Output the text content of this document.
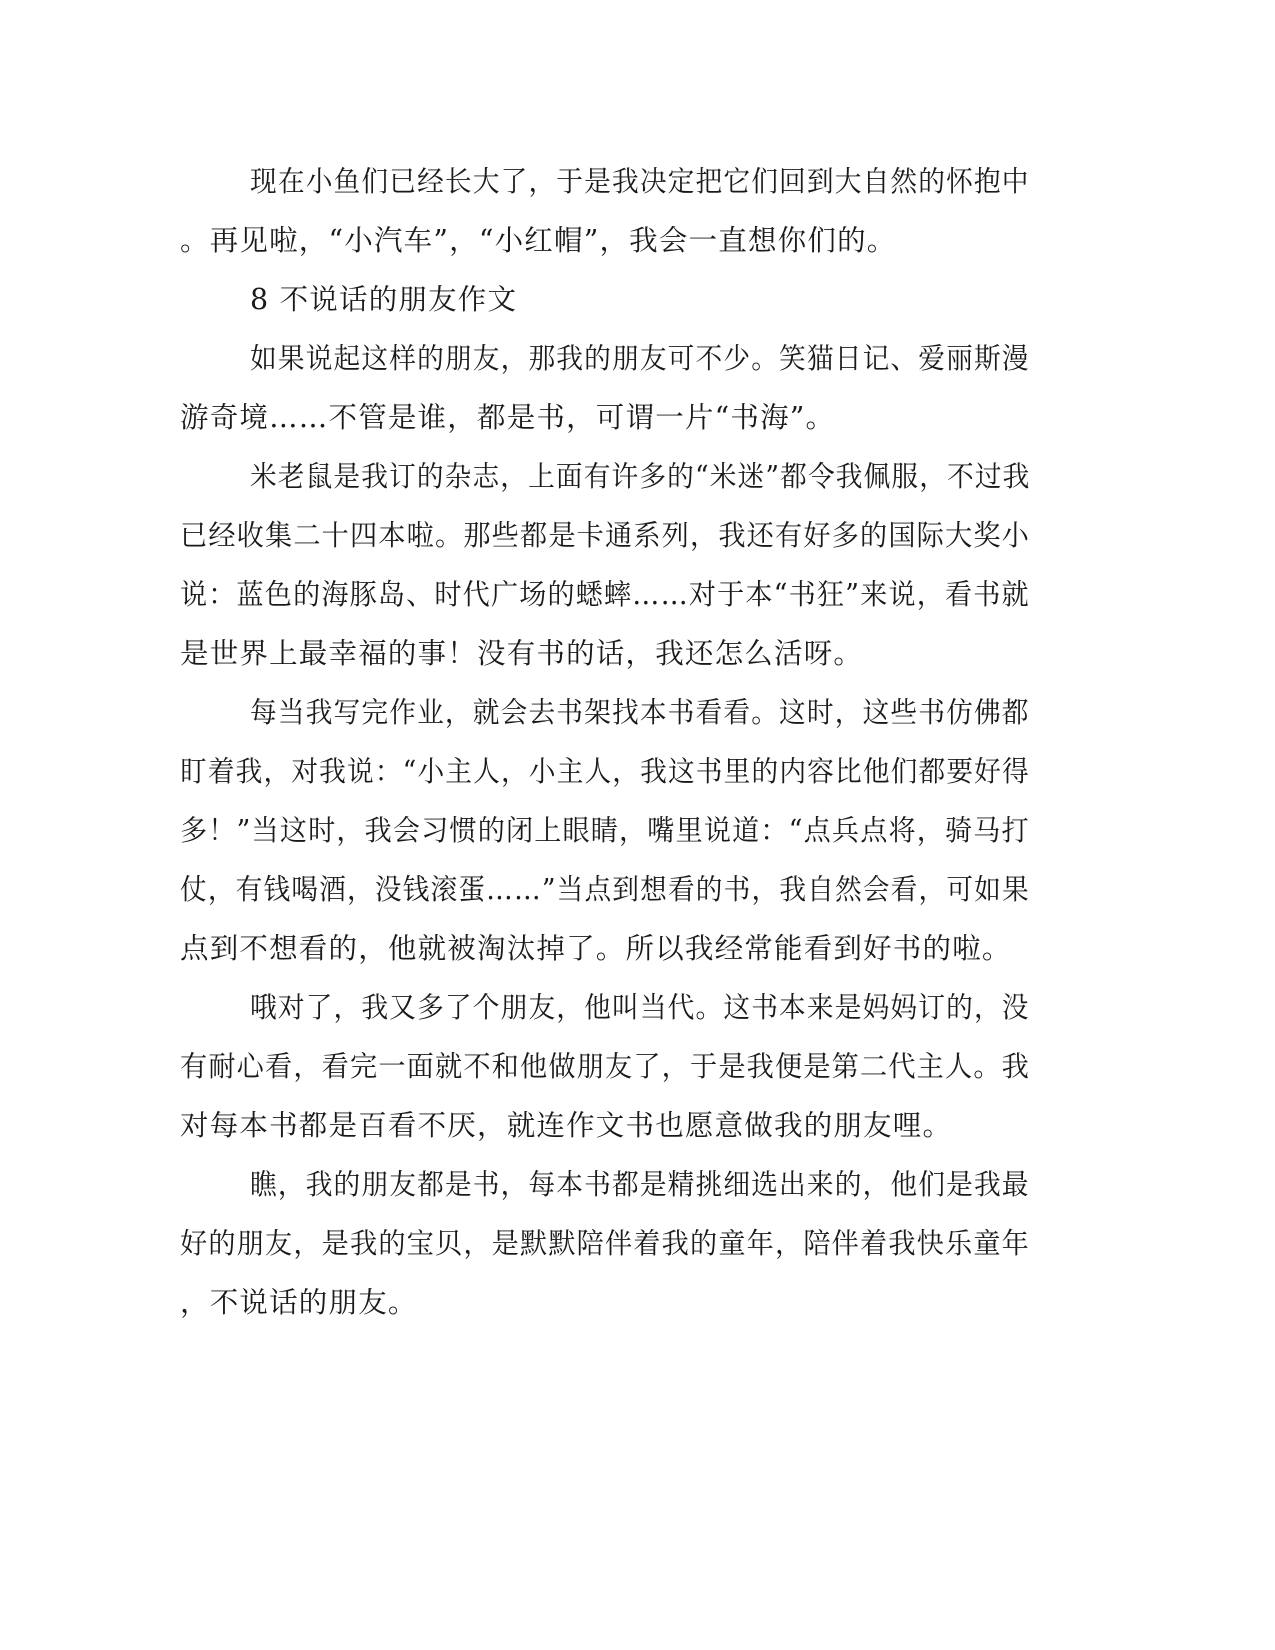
现在小鱼们已经长大了，于是我决定把它们回到大自然的怀抱中

。再见啦，“小汽车”，“小红帽”，我会一直想你们的。

8 不说话的朋友作文

如果说起这样的朋友，那我的朋友可不少。笑猫日记、爱丽斯漫

游奇境……不管是谁，都是书，可谓一片“书海”。

米老鼠是我订的杂志，上面有许多的“米迷”都令我佩服，不过我

已经收集二十四本啦。那些都是卡通系列，我还有好多的国际大奖小

说：蓝色的海豚岛、时代广场的蟋蟀……对于本“书狂”来说，看书就

是世界上最幸福的事！没有书的话，我还怎么活呀。

每当我写完作业，就会去书架找本书看看。这时，这些书仿佛都

盯着我，对我说：“小主人，小主人，我这书里的内容比他们都要好得

多！”当这时，我会习惯的闭上眼睛，嘴里说道：“点兵点将，骑马打

仗，有钱喝酒，没钱滚蛋……”当点到想看的书，我自然会看，可如果

点到不想看的，他就被淘汰掉了。所以我经常能看到好书的啦。

哦对了，我又多了个朋友，他叫当代。这书本来是妈妈订的，没

有耐心看，看完一面就不和他做朋友了，于是我便是第二代主人。我

对每本书都是百看不厌，就连作文书也愿意做我的朋友哩。

瞧，我的朋友都是书，每本书都是精挑细选出来的，他们是我最

好的朋友，是我的宝贝，是默默陪伴着我的童年，陪伴着我快乐童年

，不说话的朋友。
